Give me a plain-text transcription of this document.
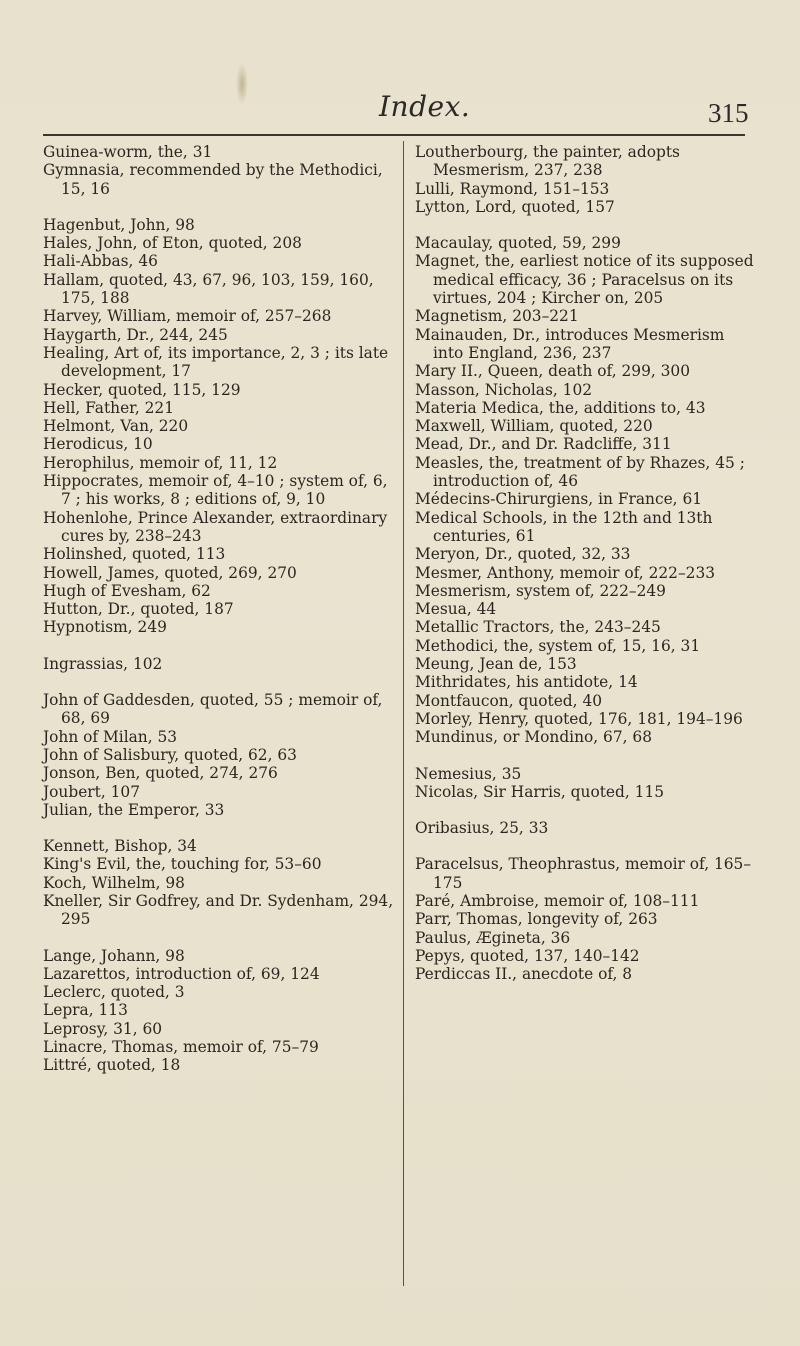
Index.	315

Guinea-worm, the, 31

Gymnasia, recommended by the Methodici, 15, 16

Hagenbut, John, 98

Hales, John, of Eton, quoted, 208

Hali-Abbas, 46

Hallam, quoted, 43, 67, 96, 103, 159, 160, 175, 188

Harvey, William, memoir of, 257–268

Haygarth, Dr., 244, 245

Healing, Art of, its importance, 2, 3 ; its late development, 17

Hecker, quoted, 115, 129

Hell, Father, 221

Helmont, Van, 220

Herodicus, 10

Herophilus, memoir of, 11, 12

Hippocrates, memoir of, 4–10 ; system of, 6, 7 ; his works, 8 ; editions of, 9, 10

Hohenlohe, Prince Alexander, extraordinary cures by, 238–243

Holinshed, quoted, 113

Howell, James, quoted, 269, 270

Hugh of Evesham, 62

Hutton, Dr., quoted, 187

Hypnotism, 249

Ingrassias, 102

John of Gaddesden, quoted, 55 ; memoir of, 68, 69

John of Milan, 53

John of Salisbury, quoted, 62, 63

Jonson, Ben, quoted, 274, 276

Joubert, 107

Julian, the Emperor, 33

Kennett, Bishop, 34

King's Evil, the, touching for, 53–60

Koch, Wilhelm, 98

Kneller, Sir Godfrey, and Dr. Sydenham, 294, 295

Lange, Johann, 98

Lazarettos, introduction of, 69, 124

Leclerc, quoted, 3

Lepra, 113

Leprosy, 31, 60

Linacre, Thomas, memoir of, 75–79

Littré, quoted, 18

Loutherbourg, the painter, adopts Mesmerism, 237, 238

Lulli, Raymond, 151–153

Lytton, Lord, quoted, 157

Macaulay, quoted, 59, 299

Magnet, the, earliest notice of its supposed medical efficacy, 36 ; Paracelsus on its virtues, 204 ; Kircher on, 205

Magnetism, 203–221

Mainauden, Dr., introduces Mesmerism into England, 236, 237

Mary II., Queen, death of, 299, 300

Masson, Nicholas, 102

Materia Medica, the, additions to, 43

Maxwell, William, quoted, 220

Mead, Dr., and Dr. Radcliffe, 311

Measles, the, treatment of by Rhazes, 45 ; introduction of, 46

Médecins-Chirurgiens, in France, 61

Medical Schools, in the 12th and 13th centuries, 61

Meryon, Dr., quoted, 32, 33

Mesmer, Anthony, memoir of, 222–233

Mesmerism, system of, 222–249

Mesua, 44

Metallic Tractors, the, 243–245

Methodici, the, system of, 15, 16, 31

Meung, Jean de, 153

Mithridates, his antidote, 14

Montfaucon, quoted, 40

Morley, Henry, quoted, 176, 181, 194–196

Mundinus, or Mondino, 67, 68

Nemesius, 35

Nicolas, Sir Harris, quoted, 115

Oribasius, 25, 33

Paracelsus, Theophrastus, memoir of, 165–175

Paré, Ambroise, memoir of, 108–111

Parr, Thomas, longevity of, 263

Paulus, Ægineta, 36

Pepys, quoted, 137, 140–142

Perdiccas II., anecdote of, 8
